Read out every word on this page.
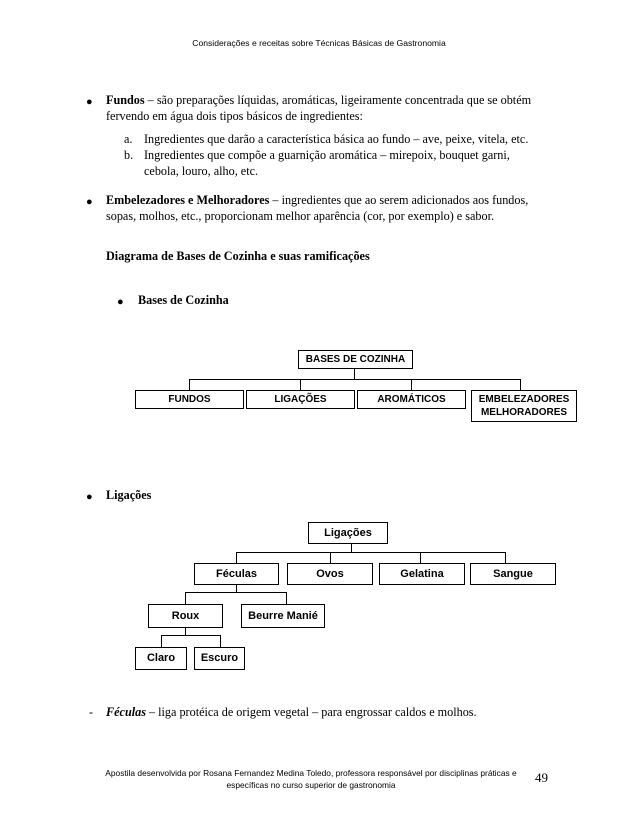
Considerações e receitas sobre Técnicas Básicas de Gastronomia
● Fundos – são preparações líquidas, aromáticas, ligeiramente concentrada que se obtém
fervendo em água dois tipos básicos de ingredientes:
a. Ingredientes que darão a característica básica ao fundo – ave, peixe, vitela, etc.
b. Ingredientes que compõe a guarnição aromática – mirepoix, bouquet garni,

cebola, louro, alho, etc.
● Embelezadores e Melhoradores – ingredientes que ao serem adicionados aos fundos,
sopas, molhos, etc., proporcionam melhor aparência (cor, por exemplo) e sabor.
Diagrama de Bases de Cozinha e suas ramificações
● Bases de Cozinha
BASES DE COZINHA
FUNDOS	LIGAÇÕES	AROMÁTICOS	EMBELEZADORES
MELHORADORES
● Ligações
Ligações
Féculas	Ovos	Gelatina	Sangue
Roux	Beurre Manié
Claro	Escuro
- Féculas – liga protéica de origem vegetal – para engrossar caldos e molhos.
Apostila desenvolvida por Rosana Fernandez Medina Toledo, professora responsável por disciplinas práticas e
específicas no curso superior de gastronomia	49
